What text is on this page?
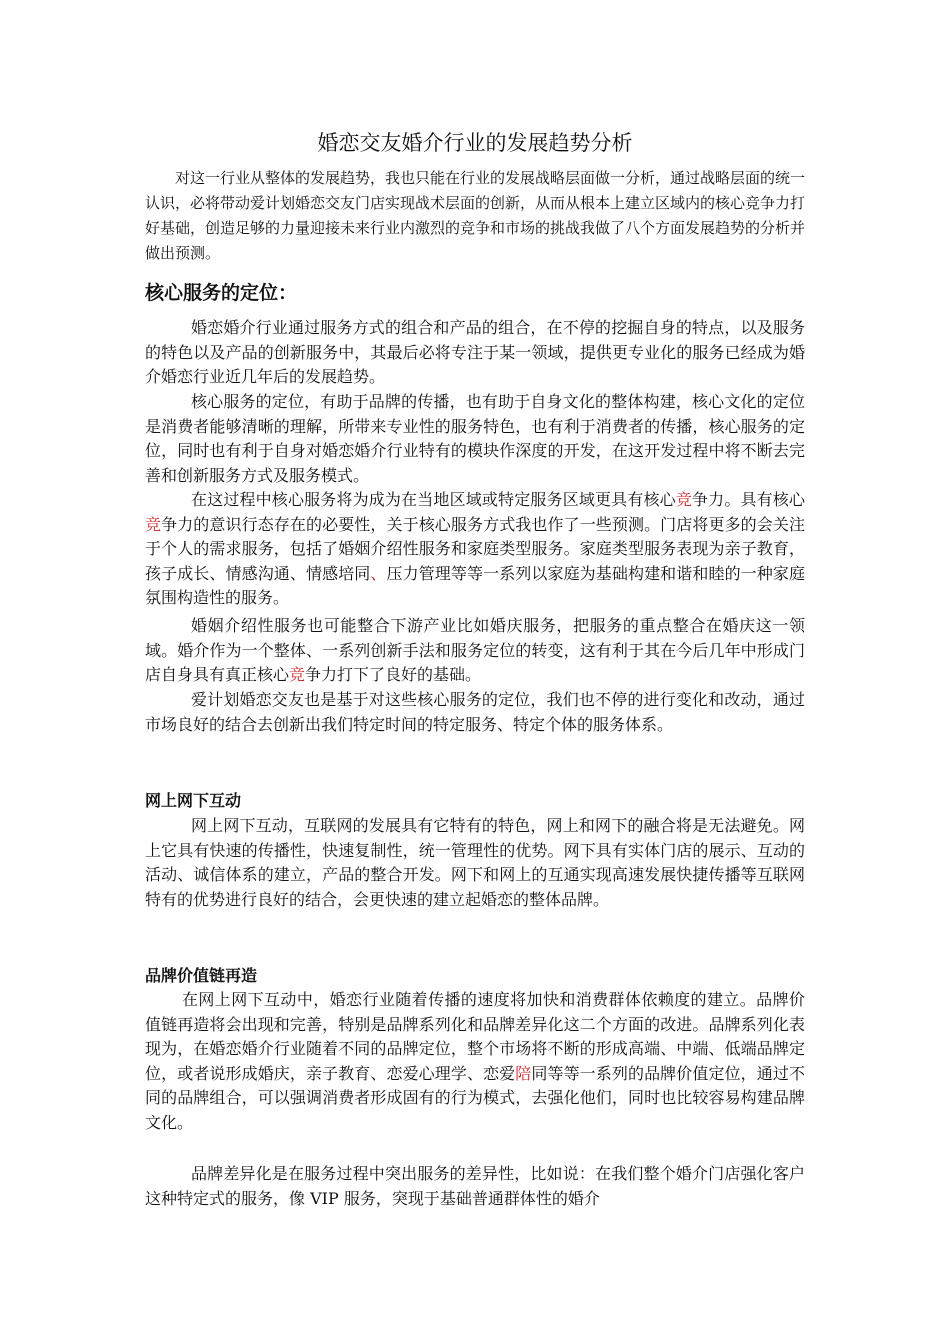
婚恋交友婚介行业的发展趋势分析

对这一行业从整体的发展趋势，我也只能在行业的发展战略层面做一分析，通过战略层面的统一认识，必将带动爱计划婚恋交友门店实现战术层面的创新，从而从根本上建立区域内的核心竞争力打好基础，创造足够的力量迎接未来行业内激烈的竞争和市场的挑战我做了八个方面发展趋势的分析并做出预测。

核心服务的定位：

婚恋婚介行业通过服务方式的组合和产品的组合，在不停的挖掘自身的特点，以及服务的特色以及产品的创新服务中，其最后必将专注于某一领域，提供更专业化的服务已经成为婚介婚恋行业近几年后的发展趋势。

核心服务的定位，有助于品牌的传播，也有助于自身文化的整体构建，核心文化的定位是消费者能够清晰的理解，所带来专业性的服务特色，也有利于消费者的传播，核心服务的定位，同时也有利于自身对婚恋婚介行业特有的模块作深度的开发，在这开发过程中将不断去完善和创新服务方式及服务模式。

在这过程中核心服务将为成为在当地区域或特定服务区域更具有核心竞争力。具有核心竞争力的意识行态存在的必要性，关于核心服务方式我也作了一些预测。门店将更多的会关注于个人的需求服务，包括了婚姻介绍性服务和家庭类型服务。家庭类型服务表现为亲子教育，孩子成长、情感沟通、情感培同、压力管理等等一系列以家庭为基础构建和谐和睦的一种家庭氛围构造性的服务。

婚姻介绍性服务也可能整合下游产业比如婚庆服务，把服务的重点整合在婚庆这一领域。婚介作为一个整体、一系列创新手法和服务定位的转变，这有利于其在今后几年中形成门店自身具有真正核心竞争力打下了良好的基础。

爱计划婚恋交友也是基于对这些核心服务的定位，我们也不停的进行变化和改动，通过市场良好的结合去创新出我们特定时间的特定服务、特定个体的服务体系。

网上网下互动

网上网下互动，互联网的发展具有它特有的特色，网上和网下的融合将是无法避免。网上它具有快速的传播性，快速复制性，统一管理性的优势。网下具有实体门店的展示、互动的活动、诚信体系的建立，产品的整合开发。网下和网上的互通实现高速发展快捷传播等互联网特有的优势进行良好的结合，会更快速的建立起婚恋的整体品牌。

品牌价值链再造

在网上网下互动中，婚恋行业随着传播的速度将加快和消费群体依赖度的建立。品牌价值链再造将会出现和完善，特别是品牌系列化和品牌差异化这二个方面的改进。品牌系列化表现为，在婚恋婚介行业随着不同的品牌定位，整个市场将不断的形成高端、中端、低端品牌定位，或者说形成婚庆，亲子教育、恋爱心理学、恋爱陪同等等一系列的品牌价值定位，通过不同的品牌组合，可以强调消费者形成固有的行为模式，去强化他们，同时也比较容易构建品牌文化。

品牌差异化是在服务过程中突出服务的差异性，比如说：在我们整个婚介门店强化客户这种特定式的服务，像 VIP 服务，突现于基础普通群体性的婚介
